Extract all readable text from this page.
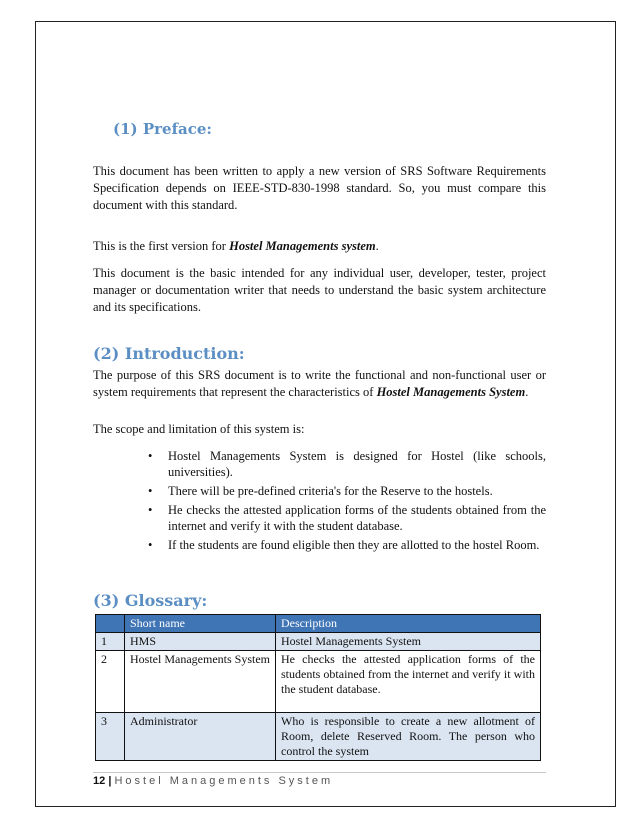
(1) Preface:

This document has been written to apply a new version of SRS Software Requirements Specification depends on IEEE-STD-830-1998 standard. So, you must compare this document with this standard.

This is the first version for Hostel Managements system.

This document is the basic intended for any individual user, developer, tester, project manager or documentation writer that needs to understand the basic system architecture and its specifications.

(2) Introduction:

The purpose of this SRS document is to write the functional and non-functional user or system requirements that represent the characteristics of Hostel Managements System.

The scope and limitation of this system is:

• Hostel Managements System is designed for Hostel (like schools, universities).
• There will be pre-defined criteria's for the Reserve to the hostels.
• He checks the attested application forms of the students obtained from the internet and verify it with the student database.
• If the students are found eligible then they are allotted to the hostel Room.
(3) Glossary:
	Short name	Description
1	HMS	Hostel Managements System
2	Hostel Managements System	He checks the attested application forms of the students obtained from the internet and verify it with the student database.
3	Administrator	Who is responsible to create a new allotment of Room, delete Reserved Room. The person who control the system
12 | Hostel Managements System
